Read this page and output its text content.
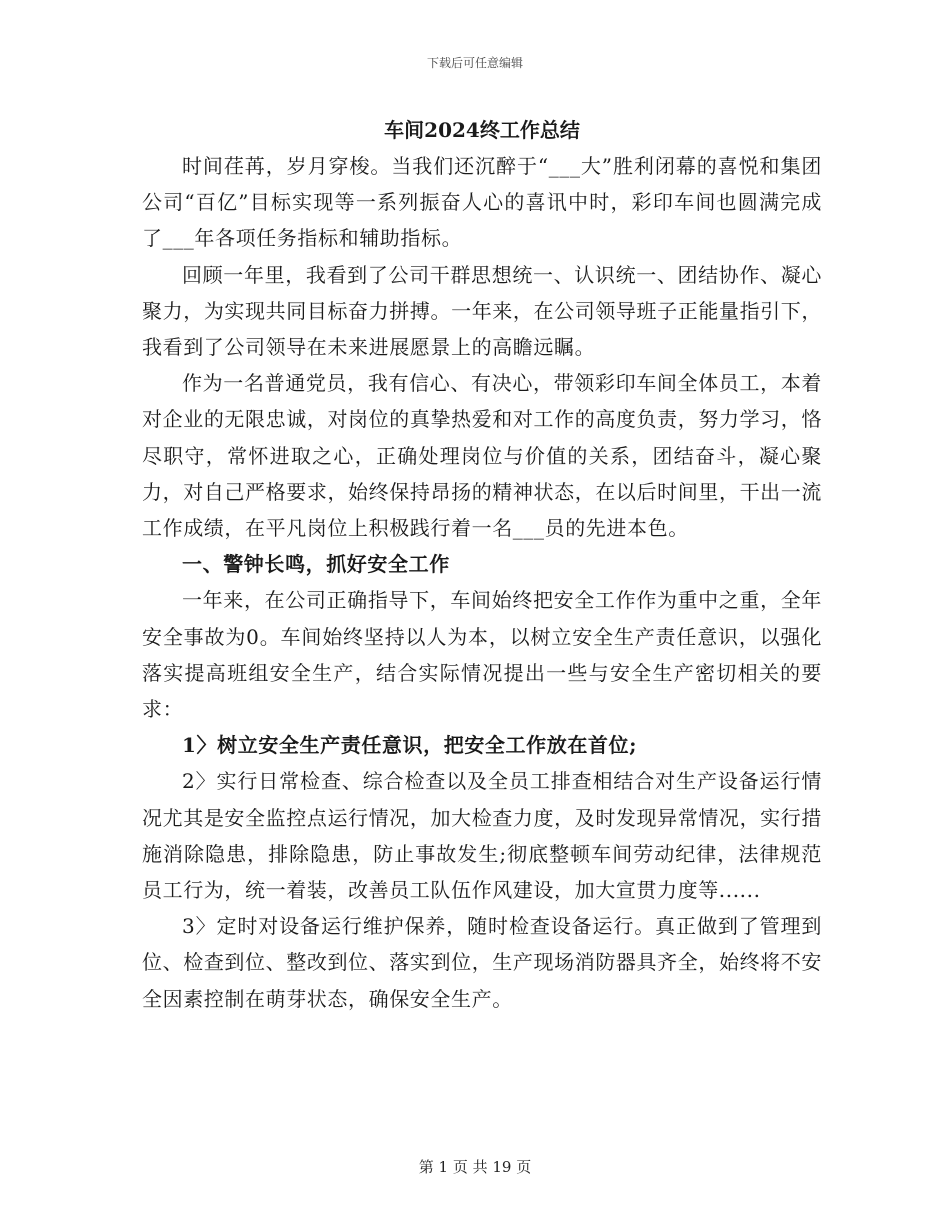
下载后可任意编辑
车间2024终工作总结

时间荏苒，岁月穿梭。当我们还沉醉于“___大”胜利闭幕的喜悦和集团公司“百亿”目标实现等一系列振奋人心的喜讯中时，彩印车间也圆满完成了___年各项任务指标和辅助指标。

回顾一年里，我看到了公司干群思想统一、认识统一、团结协作、凝心聚力，为实现共同目标奋力拼搏。一年来，在公司领导班子正能量指引下，我看到了公司领导在未来进展愿景上的高瞻远瞩。

作为一名普通党员，我有信心、有决心，带领彩印车间全体员工，本着对企业的无限忠诚，对岗位的真挚热爱和对工作的高度负责，努力学习，恪尽职守，常怀进取之心，正确处理岗位与价值的关系，团结奋斗，凝心聚力，对自己严格要求，始终保持昂扬的精神状态，在以后时间里，干出一流工作成绩，在平凡岗位上积极践行着一名___员的先进本色。

一、警钟长鸣，抓好安全工作

一年来，在公司正确指导下，车间始终把安全工作作为重中之重，全年安全事故为0。车间始终坚持以人为本，以树立安全生产责任意识，以强化落实提高班组安全生产，结合实际情况提出一些与安全生产密切相关的要求：

1〉树立安全生产责任意识，把安全工作放在首位;

2〉实行日常检查、综合检查以及全员工排查相结合对生产设备运行情况尤其是安全监控点运行情况，加大检查力度，及时发现异常情况，实行措施消除隐患，排除隐患，防止事故发生;彻底整顿车间劳动纪律，法律规范员工行为，统一着装，改善员工队伍作风建设，加大宣贯力度等......

3〉定时对设备运行维护保养，随时检查设备运行。真正做到了管理到位、检查到位、整改到位、落实到位，生产现场消防器具齐全，始终将不安全因素控制在萌芽状态，确保安全生产。

第 1 页 共 19 页
